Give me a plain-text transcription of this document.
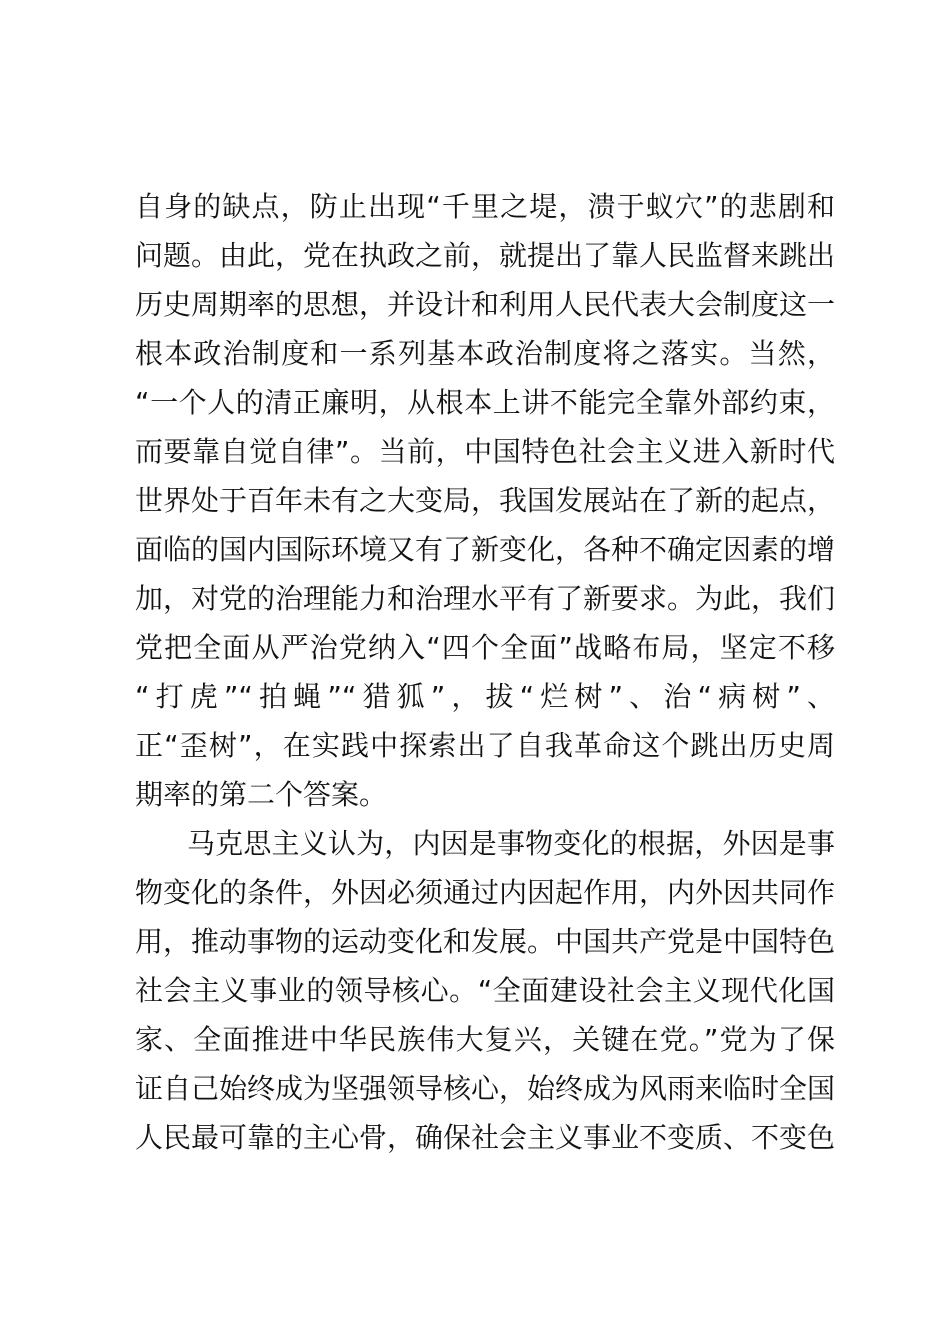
自身的缺点，防止出现“千里之堤，溃于蚁穴”的悲剧和
问题。由此，党在执政之前，就提出了靠人民监督来跳出
历史周期率的思想，并设计和利用人民代表大会制度这一
根本政治制度和一系列基本政治制度将之落实。当然，
“一个人的清正廉明，从根本上讲不能完全靠外部约束，
而要靠自觉自律”。当前，中国特色社会主义进入新时代
世界处于百年未有之大变局，我国发展站在了新的起点，
面临的国内国际环境又有了新变化，各种不确定因素的增
加，对党的治理能力和治理水平有了新要求。为此，我们
党把全面从严治党纳入“四个全面”战略布局，坚定不移
“打虎”“拍蝇”“猎狐”，拔“烂树”、治“病树”、
正“歪树”，在实践中探索出了自我革命这个跳出历史周
期率的第二个答案。
马克思主义认为，内因是事物变化的根据，外因是事
物变化的条件，外因必须通过内因起作用，内外因共同作
用，推动事物的运动变化和发展。中国共产党是中国特色
社会主义事业的领导核心。“全面建设社会主义现代化国
家、全面推进中华民族伟大复兴，关键在党。”党为了保
证自己始终成为坚强领导核心，始终成为风雨来临时全国
人民最可靠的主心骨，确保社会主义事业不变质、不变色
